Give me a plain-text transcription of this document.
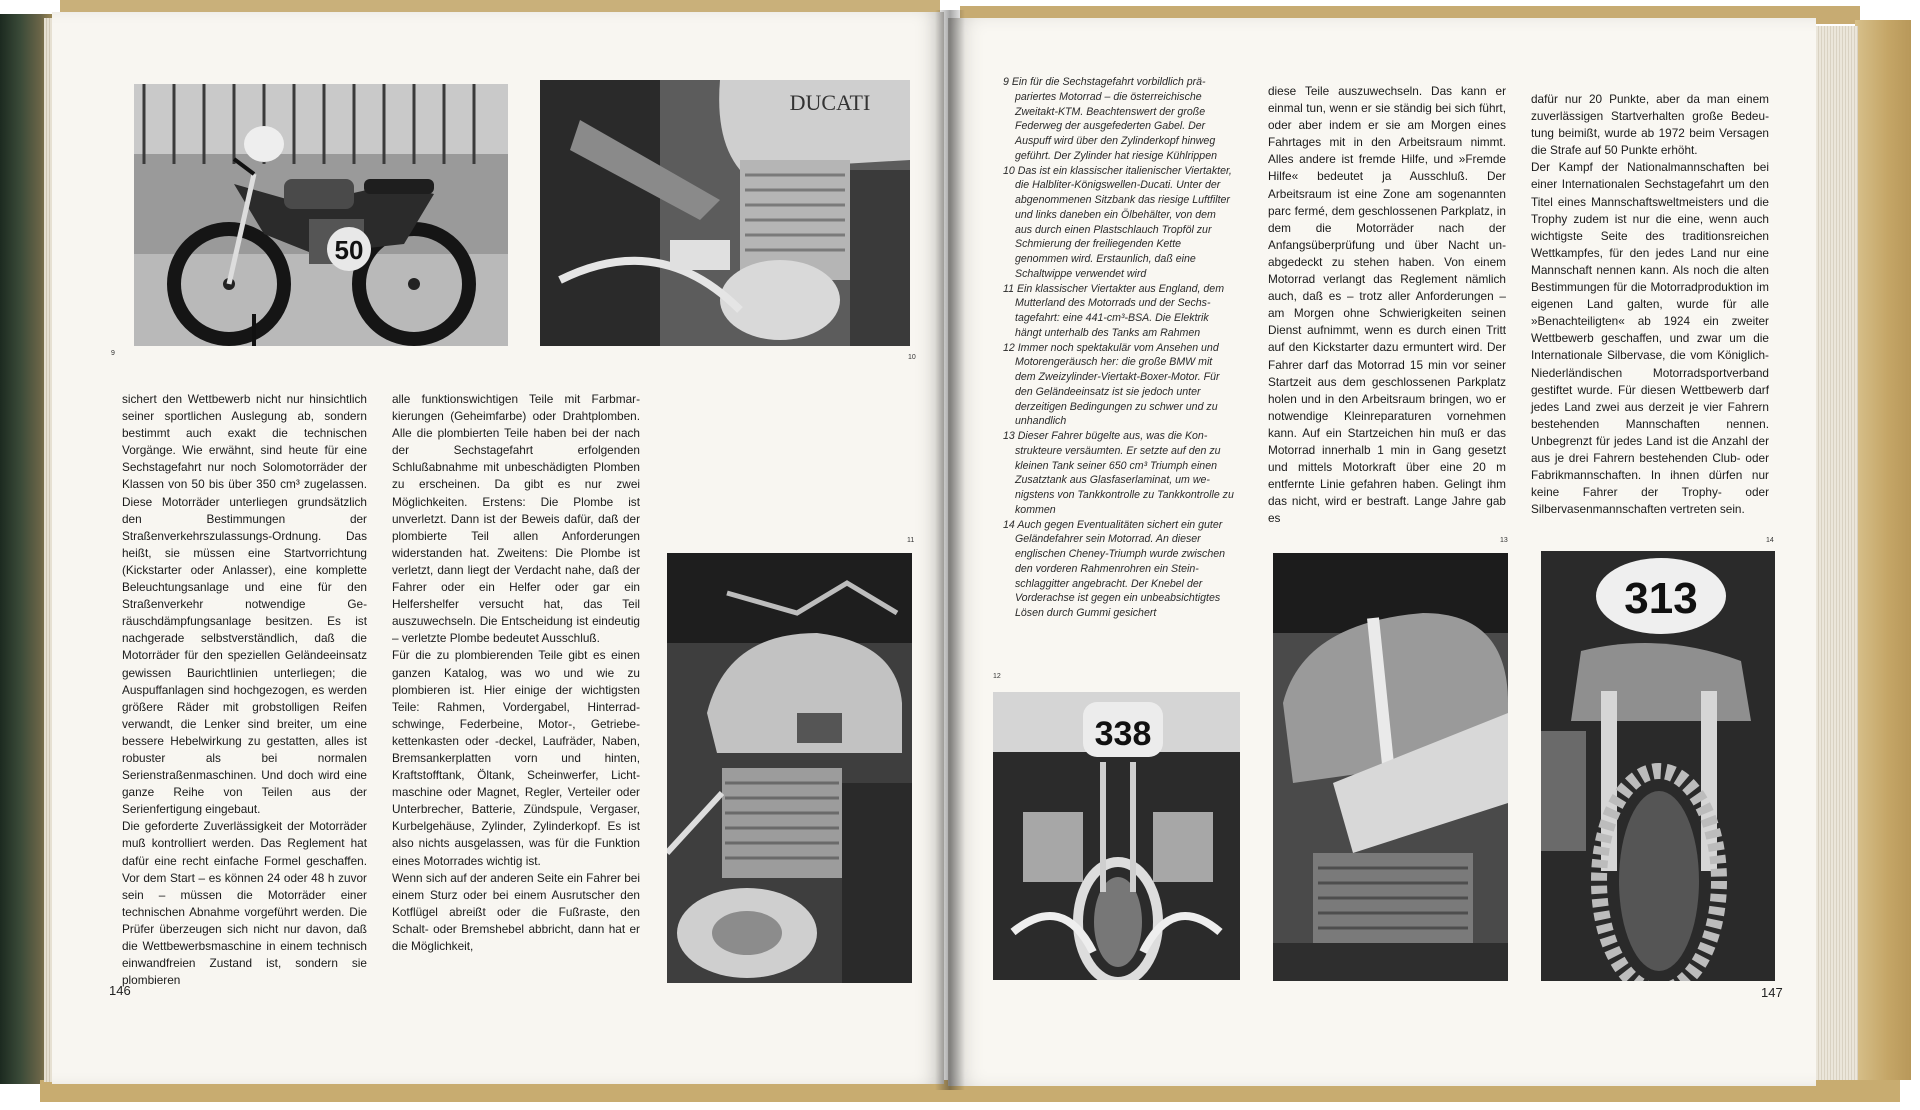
50
9
DUCATI
10
11

sichert den Wettbewerb nicht nur hinsichtlich seiner sportlichen Auslegung ab, sondern bestimmt auch exakt die technischen Vorgänge. Wie erwähnt, sind heute für eine Sechstagefahrt nur noch Solomotorräder der Klassen von 50 bis über 350 cm³ zugelassen. Diese Motorräder unterliegen grundsätzlich den Bestimmungen der Straßenverkehrszulassungs-Ordnung. Das heißt, sie müssen eine Startvorrichtung (Kickstarter oder Anlasser), eine komplette Beleuchtungsanlage und eine für den Straßenverkehr notwendige Geräuschdämpfungsanlage besitzen. Es ist nachgerade selbstverständlich, daß die Motorräder für den speziellen Geländeeinsatz gewissen Baurichtlinien unterliegen; die Auspuffanlagen sind hochgezogen, es werden größere Räder mit grobstolligen Reifen verwandt, die Lenker sind breiter, um eine bessere Hebelwirkung zu gestatten, alles ist robuster als bei normalen Serienstraßenmaschinen. Und doch wird eine ganze Reihe von Teilen aus der Serienfertigung eingebaut.

Die geforderte Zuverlässigkeit der Motorräder muß kontrolliert werden. Das Reglement hat dafür eine recht einfache Formel geschaffen. Vor dem Start – es können 24 oder 48 h zuvor sein – müssen die Motorräder einer technischen Abnahme vorgeführt werden. Die Prüfer überzeugen sich nicht nur davon, daß die Wettbewerbsmaschine in einem technisch einwandfreien Zustand ist, sondern sie plombieren

alle funktionswichtigen Teile mit Farbmarkierungen (Geheimfarbe) oder Drahtplomben. Alle die plombierten Teile haben bei der nach der Sechstagefahrt erfolgenden Schlußabnahme mit unbeschädigten Plomben zu erscheinen. Da gibt es nur zwei Möglichkeiten. Erstens: Die Plombe ist unverletzt. Dann ist der Beweis dafür, daß der plombierte Teil allen Anforderungen widerstanden hat. Zweitens: Die Plombe ist verletzt, dann liegt der Verdacht nahe, daß der Fahrer oder ein Helfer oder gar ein Helfershelfer versucht hat, das Teil auszuwechseln. Die Entscheidung ist eindeutig – verletzte Plombe bedeutet Ausschluß.

Für die zu plombierenden Teile gibt es einen ganzen Katalog, was wo und wie zu plombieren ist. Hier einige der wichtigsten Teile: Rahmen, Vordergabel, Hinterradschwinge, Federbeine, Motor-, Getriebekettenkasten oder -deckel, Laufräder, Naben, Bremsankerplatten vorn und hinten, Kraftstofftank, Öltank, Scheinwerfer, Lichtmaschine oder Magnet, Regler, Verteiler oder Unterbrecher, Batterie, Zündspule, Vergaser, Kurbelgehäuse, Zylinder, Zylinderkopf. Es ist also nichts ausgelassen, was für die Funktion eines Motorrades wichtig ist.

Wenn sich auf der anderen Seite ein Fahrer bei einem Sturz oder bei einem Ausrutscher den Kotflügel abreißt oder die Fußraste, den Schalt- oder Bremshebel abbricht, dann hat er die Möglichkeit,

146

9 Ein für die Sechstagefahrt vorbildlich präpariertes Motorrad – die österreichische Zweitakt-KTM. Beachtenswert der große Federweg der ausgefederten Gabel. Der Auspuff wird über den Zylinderkopf hinweg geführt. Der Zylinder hat riesige Kühlrippen

10 Das ist ein klassischer italienischer Viertakter, die Halbliter-Königswellen-Ducati. Unter der abgenommenen Sitzbank das riesige Luftfilter und links daneben ein Ölbehälter, von dem aus durch einen Plastschlauch Tropföl zur Schmierung der freiliegenden Kette genommen wird. Erstaunlich, daß eine Schaltwippe verwendet wird

11 Ein klassischer Viertakter aus England, dem Mutterland des Motorrads und der Sechstagefahrt: eine 441-cm³-BSA. Die Elektrik hängt unterhalb des Tanks am Rahmen

12 Immer noch spektakulär vom Ansehen und Motorengeräusch her: die große BMW mit dem Zweizylinder-Viertakt-Boxer-Motor. Für den Geländeeinsatz ist sie jedoch unter derzeitigen Bedingungen zu schwer und zu unhandlich

13 Dieser Fahrer bügelte aus, was die Konstrukteure versäumten. Er setzte auf den zu kleinen Tank seiner 650 cm³ Triumph einen Zusatztank aus Glasfaserlaminat, um wenigstens von Tankkontrolle zu Tankkontrolle zu kommen

14 Auch gegen Eventualitäten sichert ein guter Geländefahrer sein Motorrad. An dieser englischen Cheney-Triumph wurde zwischen den vorderen Rahmenrohren ein Steinschlaggitter angebracht. Der Knebel der Vorderachse ist gegen ein unbeabsichtigtes Lösen durch Gummi gesichert

diese Teile auszuwechseln. Das kann er einmal tun, wenn er sie ständig bei sich führt, oder aber indem er sie am Morgen eines Fahrtages mit in den Arbeitsraum nimmt. Alles andere ist fremde Hilfe, und »Fremde Hilfe« bedeutet ja Ausschluß. Der Arbeitsraum ist eine Zone am sogenannten parc fermé, dem geschlossenen Parkplatz, in dem die Motorräder nach der Anfangsüberprüfung und über Nacht unabgedeckt zu stehen haben. Von einem Motorrad verlangt das Reglement nämlich auch, daß es – trotz aller Anforderungen – am Morgen ohne Schwierigkeiten seinen Dienst aufnimmt, wenn es durch einen Tritt auf den Kickstarter dazu ermuntert wird. Der Fahrer darf das Motorrad 15 min vor seiner Startzeit aus dem geschlossenen Parkplatz holen und in den Arbeitsraum bringen, wo er notwendige Kleinreparaturen vornehmen kann. Auf ein Startzeichen hin muß er das Motorrad innerhalb 1 min in Gang gesetzt und mittels Motorkraft über eine 20 m entfernte Linie gefahren haben. Gelingt ihm das nicht, wird er bestraft. Lange Jahre gab es

dafür nur 20 Punkte, aber da man einem zuverlässigen Startverhalten große Bedeutung beimißt, wurde ab 1972 beim Versagen die Strafe auf 50 Punkte erhöht.

Der Kampf der Nationalmannschaften bei einer Internationalen Sechstagefahrt um den Titel eines Mannschaftsweltmeisters und die Trophy zudem ist nur die eine, wenn auch wichtigste Seite des traditionsreichen Wettkampfes, für den jedes Land nur eine Mannschaft nennen kann. Als noch die alten Bestimmungen für die Motorradproduktion im eigenen Land galten, wurde für alle »Benachteiligten« ab 1924 ein zweiter Wettbewerb geschaffen, und zwar um die Internationale Silbervase, die vom Königlich-Niederländischen Motorradsportverband gestiftet wurde. Für diesen Wettbewerb darf jedes Land zwei aus derzeit je vier Fahrern bestehenden Mannschaften nennen. Unbegrenzt für jedes Land ist die Anzahl der aus je drei Fahrern bestehenden Club- oder Fabrikmannschaften. In ihnen dürfen nur keine Fahrer der Trophy- oder Silbervasenmannschaften vertreten sein.

12
338
13	14
313
147
